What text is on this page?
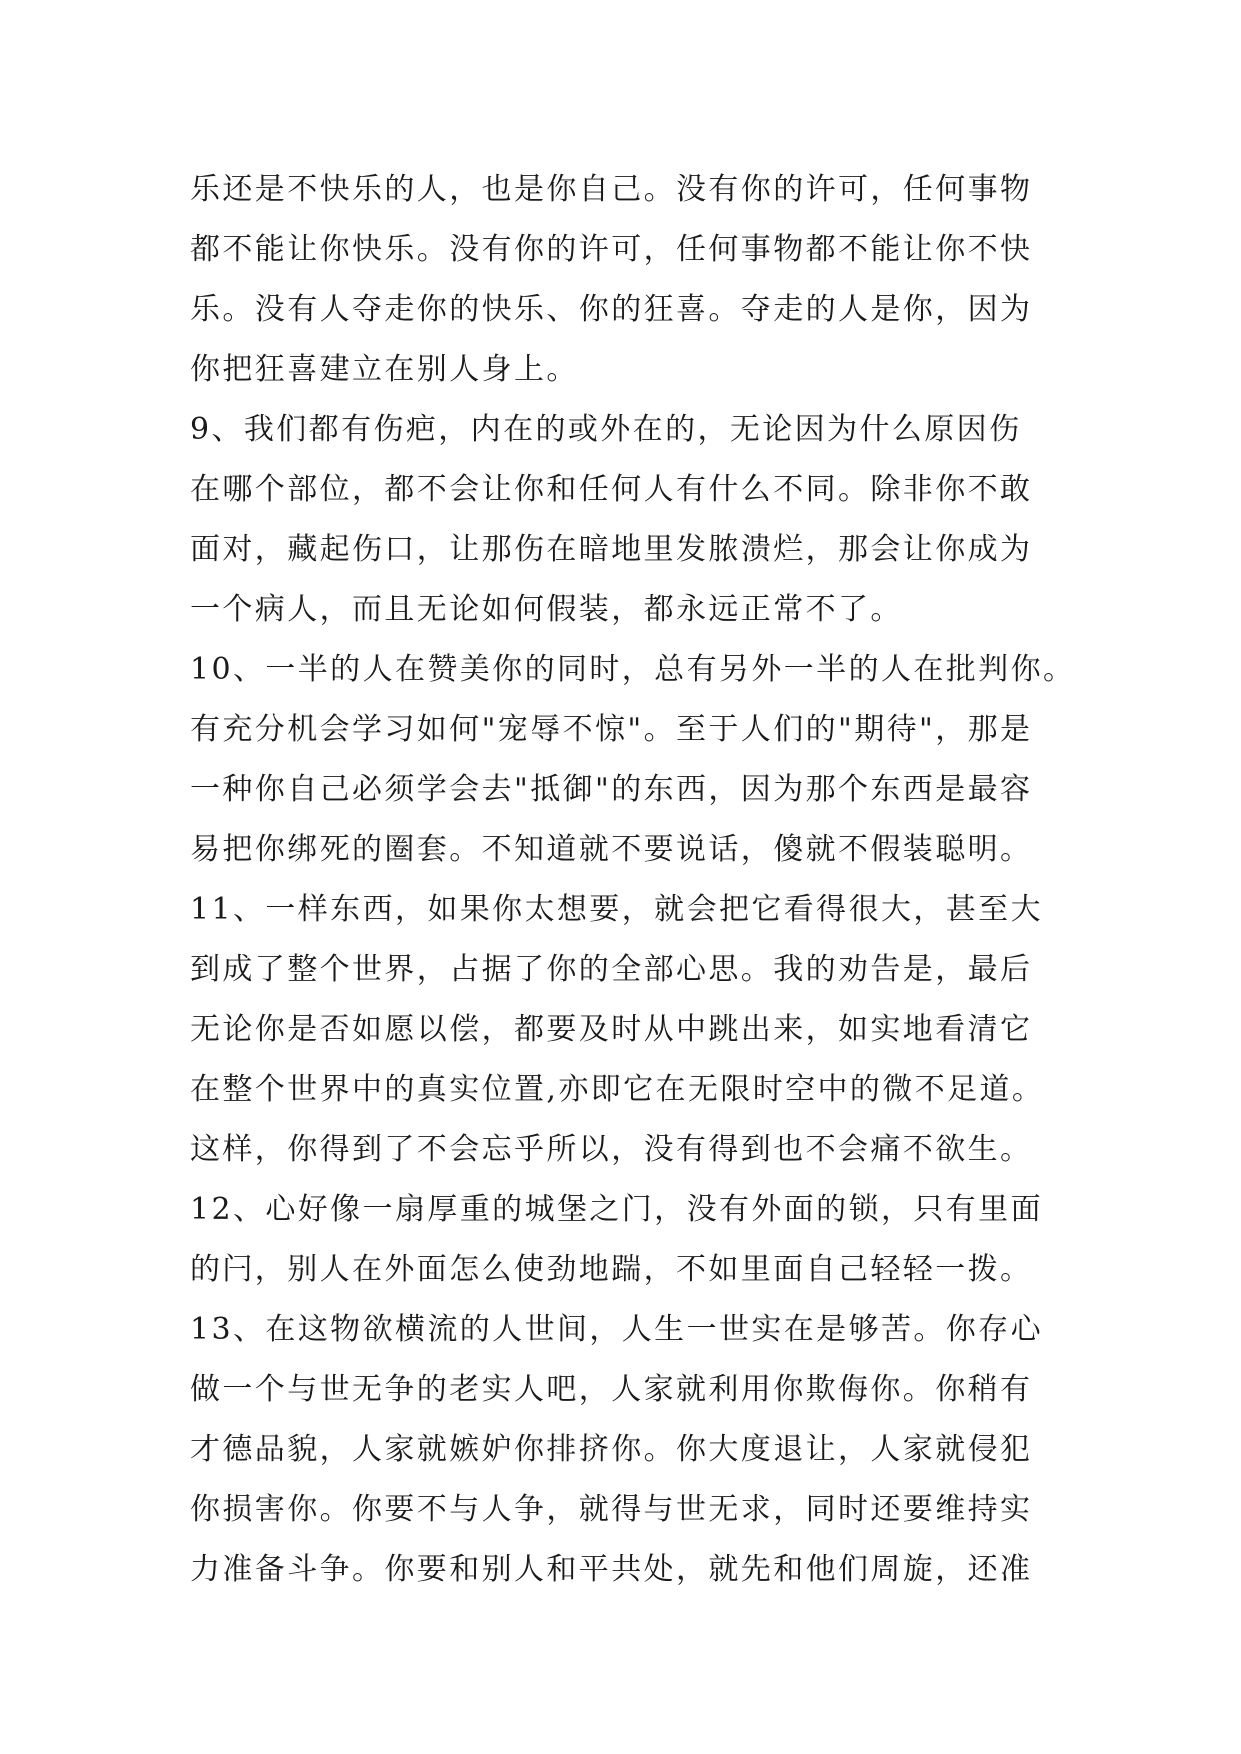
乐还是不快乐的人，也是你自己。没有你的许可，任何事物
都不能让你快乐。没有你的许可，任何事物都不能让你不快
乐。没有人夺走你的快乐、你的狂喜。夺走的人是你，因为
你把狂喜建立在别人身上。
9、我们都有伤疤，内在的或外在的，无论因为什么原因伤
在哪个部位，都不会让你和任何人有什么不同。除非你不敢
面对，藏起伤口，让那伤在暗地里发脓溃烂，那会让你成为
一个病人，而且无论如何假装，都永远正常不了。
10、一半的人在赞美你的同时，总有另外一半的人在批判你。
有充分机会学习如何"宠辱不惊"。至于人们的"期待"，那是
一种你自己必须学会去"抵御"的东西，因为那个东西是最容
易把你绑死的圈套。不知道就不要说话，傻就不假装聪明。
11、一样东西，如果你太想要，就会把它看得很大，甚至大
到成了整个世界，占据了你的全部心思。我的劝告是，最后
无论你是否如愿以偿，都要及时从中跳出来，如实地看清它
在整个世界中的真实位置,亦即它在无限时空中的微不足道。
这样，你得到了不会忘乎所以，没有得到也不会痛不欲生。
12、心好像一扇厚重的城堡之门，没有外面的锁，只有里面
的闩，别人在外面怎么使劲地踹，不如里面自己轻轻一拨。
13、在这物欲横流的人世间，人生一世实在是够苦。你存心
做一个与世无争的老实人吧，人家就利用你欺侮你。你稍有
才德品貌，人家就嫉妒你排挤你。你大度退让，人家就侵犯
你损害你。你要不与人争，就得与世无求，同时还要维持实
力准备斗争。你要和别人和平共处，就先和他们周旋，还准
